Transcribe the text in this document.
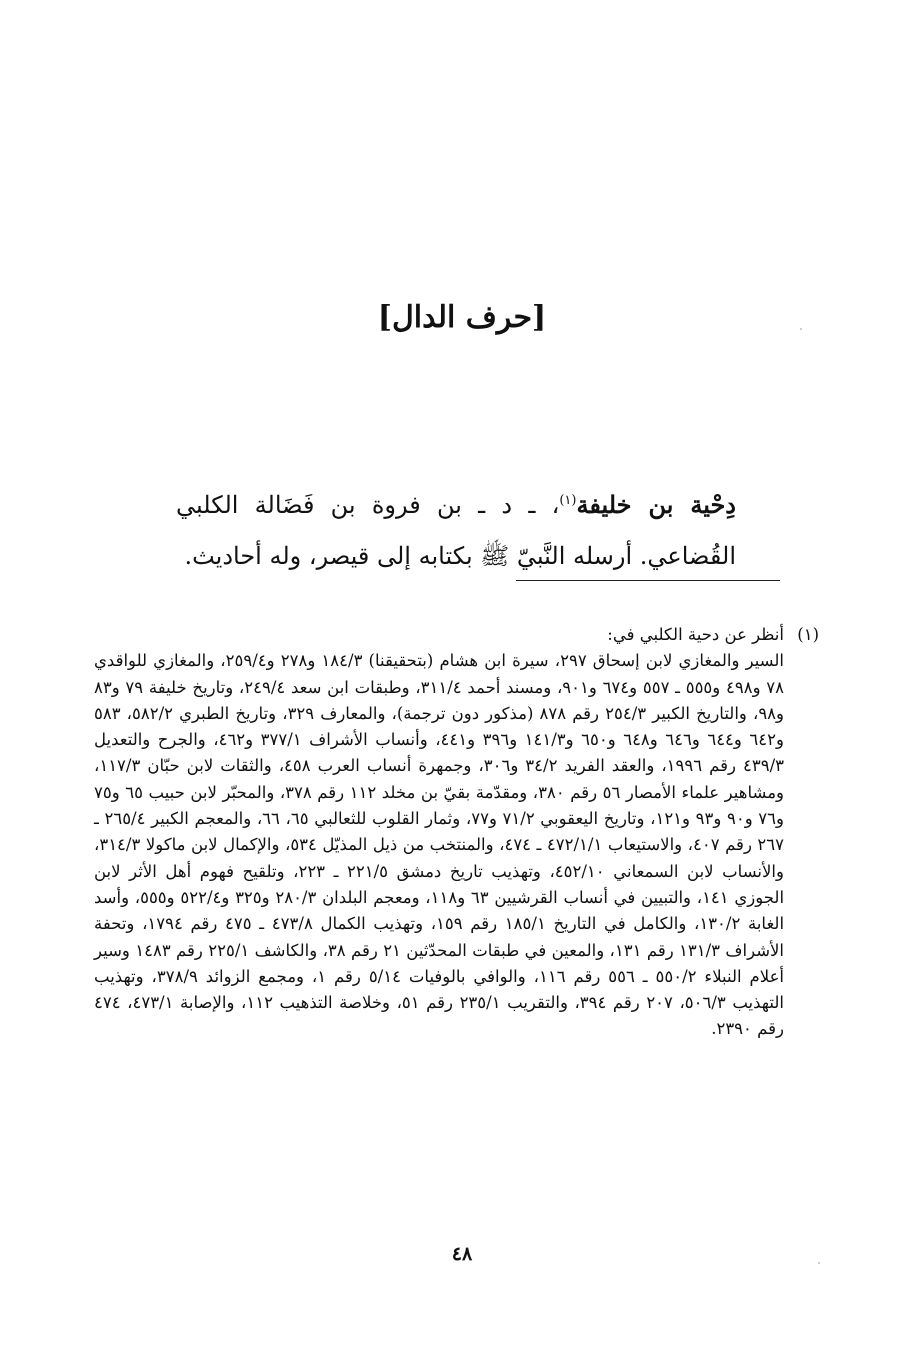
[حرف الدال]

دِحْية بن خليفة$^{(١)}$، ـ د ـ بن فروة بن فَضَالة الكلبي القُضاعي. أرسله النَّبيّ ﷺ بكتابه إلى قيصر، وله أحاديث.

(١)
أنظر عن دحية الكلبي في:
السير والمغازي لابن إسحاق ٢٩٧، سيرة ابن هشام (بتحقيقنا) ١٨٤/٣ و٢٧٨ و٢٥٩/٤، والمغازي للواقدي ٧٨ و٤٩٨ و٥٥٥ ـ ٥٥٧ و٦٧٤ و٩٠١، ومسند أحمد ٣١١/٤، وطبقات ابن سعد ٢٤٩/٤، وتاريخ خليفة ٧٩ و٨٣ و٩٨، والتاريخ الكبير ٢٥٤/٣ رقم ٨٧٨ (مذكور دون ترجمة)، والمعارف ٣٢٩، وتاريخ الطبري ٥٨٢/٢، ٥٨٣ و٦٤٢ و٦٤٤ و٦٤٦ و٦٤٨ و٦٥٠ و١٤١/٣ و٣٩٦ و٤٤١، وأنساب الأشراف ٣٧٧/١ و٤٦٢، والجرح والتعديل ٤٣٩/٣ رقم ١٩٩٦، والعقد الفريد ٣٤/٢ و٣٠٦، وجمهرة أنساب العرب ٤٥٨، والثقات لابن حبّان ١١٧/٣، ومشاهير علماء الأمصار ٥٦ رقم ٣٨٠، ومقدّمة بقيّ بن مخلد ١١٢ رقم ٣٧٨، والمحبّر لابن حبيب ٦٥ و٧٥ و٧٦ و٩٠ و٩٣ و١٢١، وتاريخ اليعقوبي ٧١/٢ و٧٧، وثمار القلوب للثعالبي ٦٥، ٦٦، والمعجم الكبير ٢٦٥/٤ ـ ٢٦٧ رقم ٤٠٧، والاستيعاب ٤٧٢/١/١ ـ ٤٧٤، والمنتخب من ذيل المذيّل ٥٣٤، والإكمال لابن ماكولا ٣١٤/٣، والأنساب لابن السمعاني ٤٥٢/١٠، وتهذيب تاريخ دمشق ٢٢١/٥ ـ ٢٢٣، وتلقيح فهوم أهل الأثر لابن الجوزي ١٤١، والتبيين في أنساب القرشيين ٦٣ و١١٨، ومعجم البلدان ٢٨٠/٣ و٣٢٥ و٥٢٢/٤ و٥٥٥، وأسد الغابة ١٣٠/٢، والكامل في التاريخ ١٨٥/١ رقم ١٥٩، وتهذيب الكمال ٤٧٣/٨ ـ ٤٧٥ رقم ١٧٩٤، وتحفة الأشراف ١٣١/٣ رقم ١٣١، والمعين في طبقات المحدّثين ٢١ رقم ٣٨، والكاشف ٢٢٥/١ رقم ١٤٨٣ وسير أعلام النبلاء ٥٥٠/٢ ـ ٥٥٦ رقم ١١٦، والوافي بالوفيات ٥/١٤ رقم ١، ومجمع الزوائد ٣٧٨/٩، وتهذيب التهذيب ٥٠٦/٣، ٢٠٧ رقم ٣٩٤، والتقريب ٢٣٥/١ رقم ٥١، وخلاصة التذهيب ١١٢، والإصابة ٤٧٣/١، ٤٧٤ رقم ٢٣٩٠.
٤٨
